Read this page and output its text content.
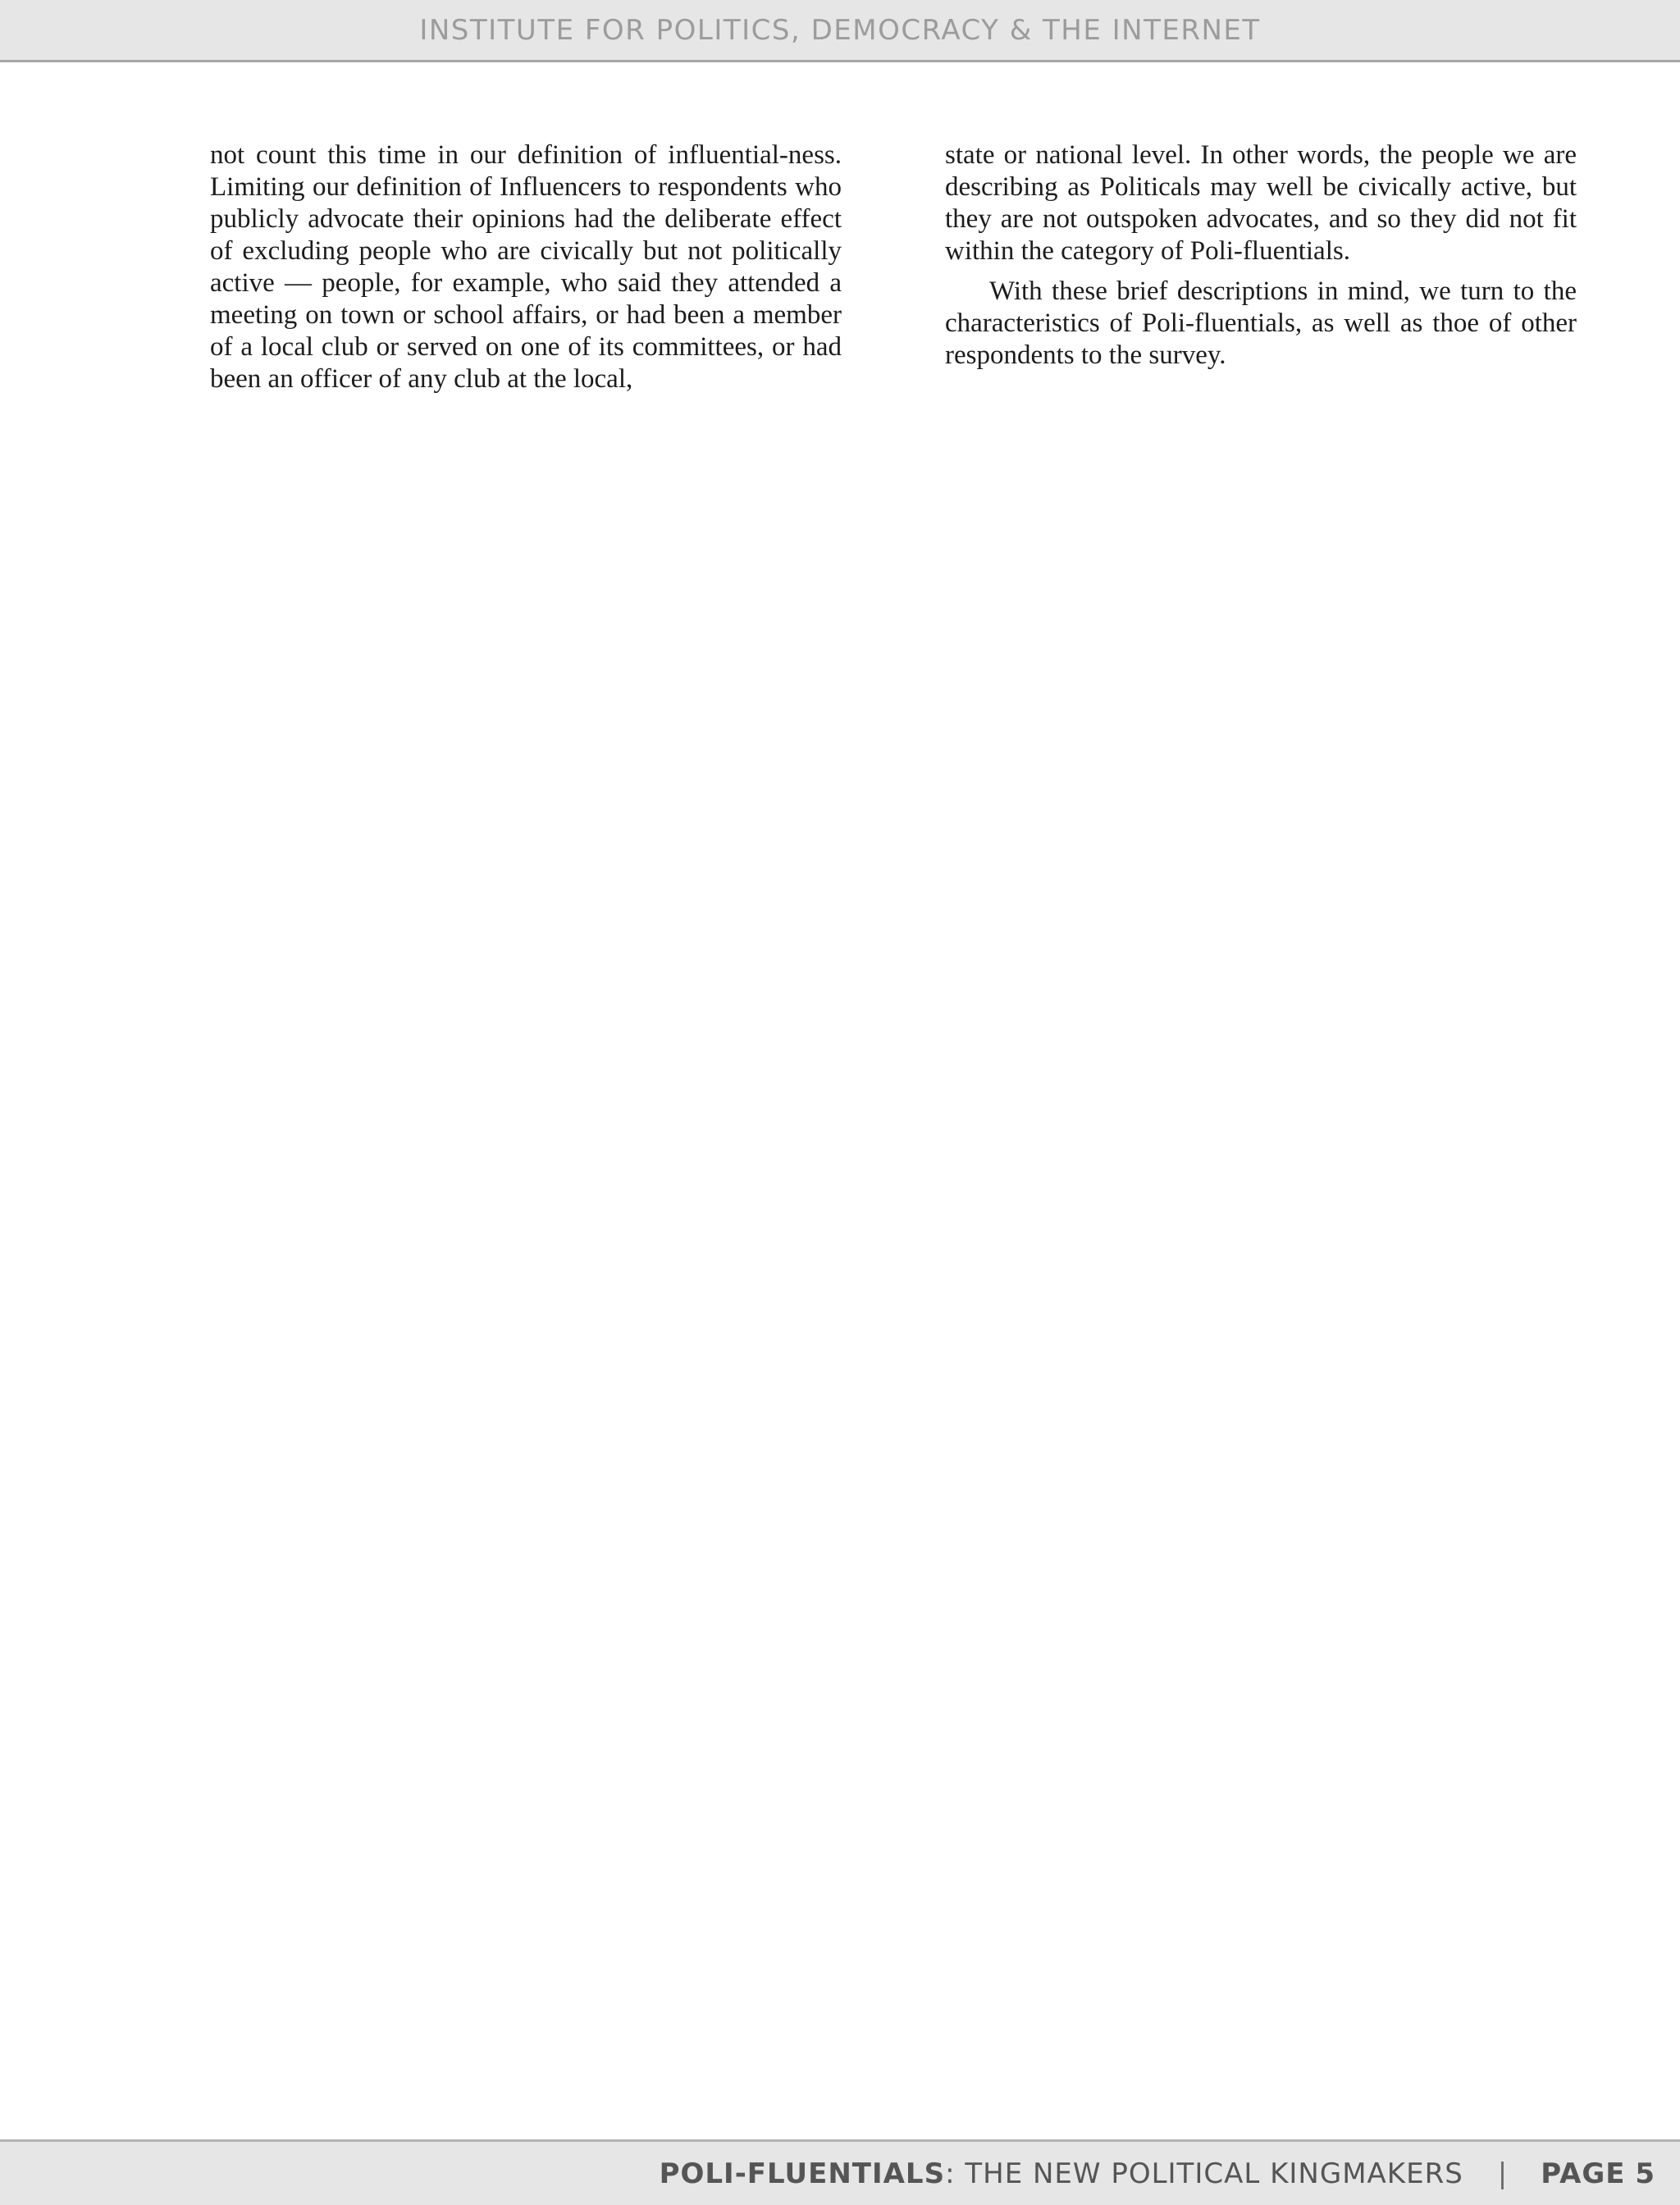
INSTITUTE FOR POLITICS, DEMOCRACY & THE INTERNET

not count this time in our definition of influential-ness. Limiting our definition of Influencers to respondents who publicly advocate their opinions had the deliberate effect of excluding people who are civically but not politically active — people, for example, who said they attended a meeting on town or school affairs, or had been a member of a local club or served on one of its committees, or had been an officer of any club at the local,

state or national level. In other words, the people we are describing as Politicals may well be civically active, but they are not outspoken advocates, and so they did not fit within the category of Poli-fluentials.

With these brief descriptions in mind, we turn to the characteristics of Poli-fluentials, as well as thoe of other respondents to the survey.

POLI-FLUENTIALS: THE NEW POLITICAL KINGMAKERS | PAGE 5
